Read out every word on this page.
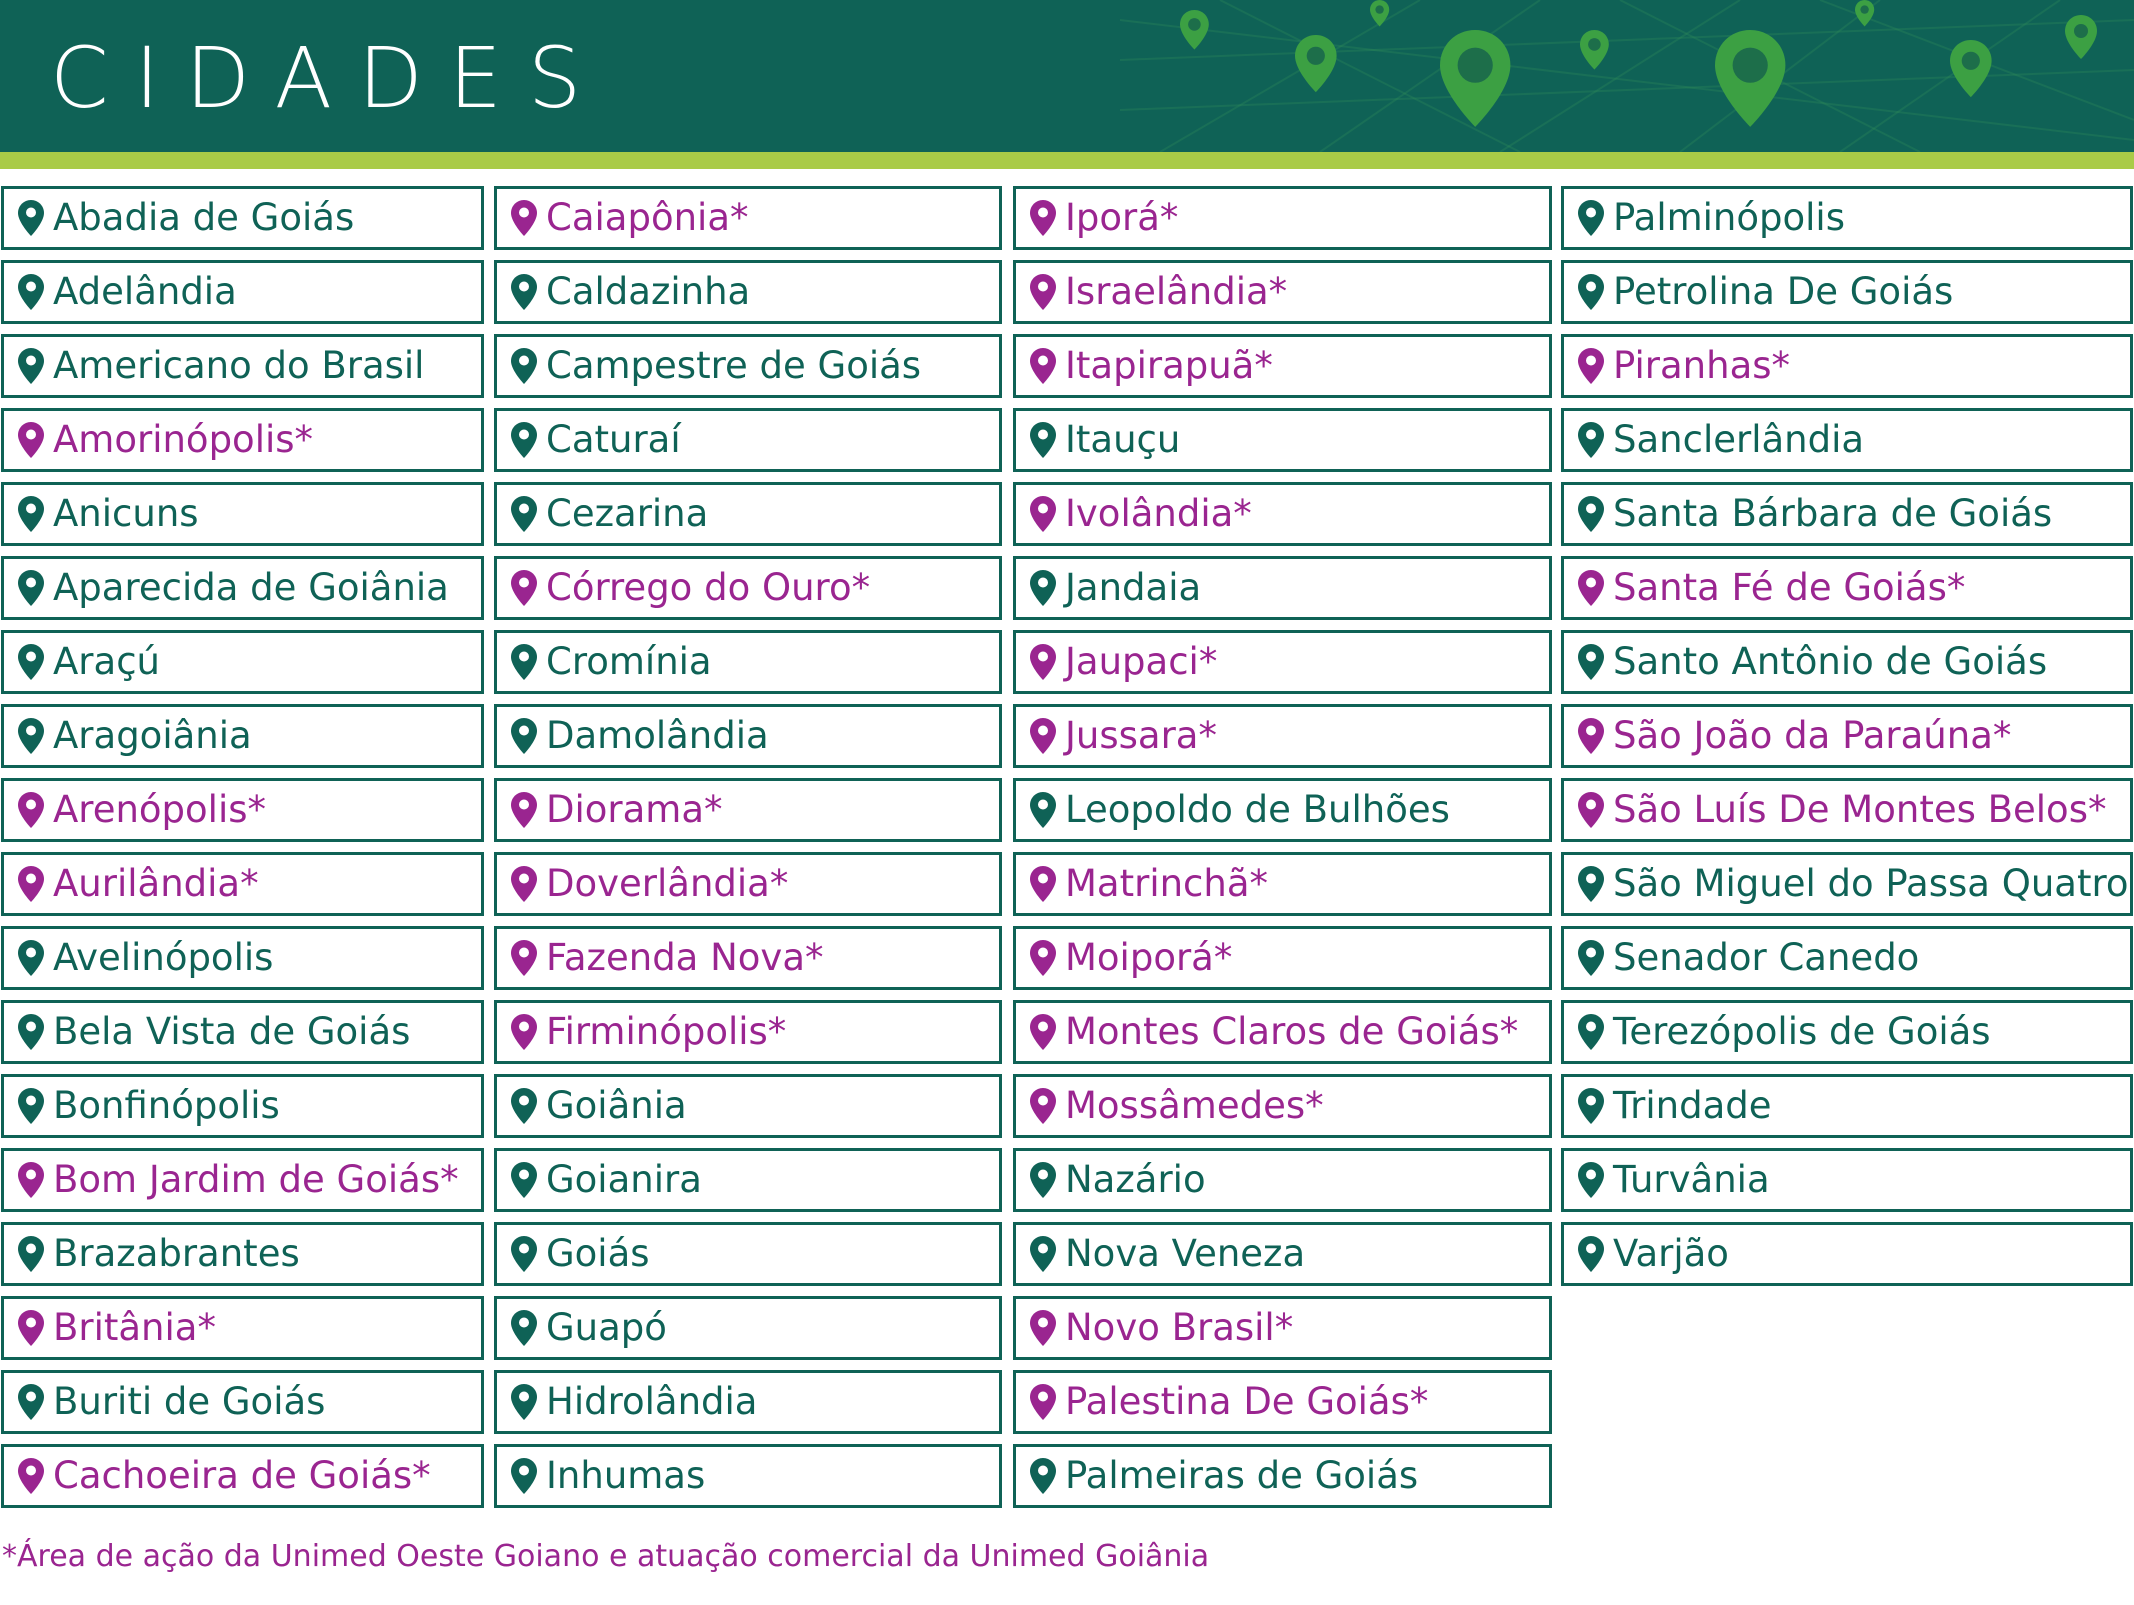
CIDADES
Abadia de Goiás
Adelândia
Americano do Brasil
Amorinópolis*
Anicuns
Aparecida de Goiânia
Araçú
Aragoiânia
Arenópolis*
Aurilândia*
Avelinópolis
Bela Vista de Goiás
Bonfinópolis
Bom Jardim de Goiás*
Brazabrantes
Britânia*
Buriti de Goiás
Cachoeira de Goiás*
Caiapônia*
Caldazinha
Campestre de Goiás
Caturaí
Cezarina
Córrego do Ouro*
Cromínia
Damolândia
Diorama*
Doverlândia*
Fazenda Nova*
Firminópolis*
Goiânia
Goianira
Goiás
Guapó
Hidrolândia
Inhumas
Iporá*
Israelândia*
Itapirapuã*
Itauçu
Ivolândia*
Jandaia
Jaupaci*
Jussara*
Leopoldo de Bulhões
Matrinchã*
Moiporá*
Montes Claros de Goiás*
Mossâmedes*
Nazário
Nova Veneza
Novo Brasil*
Palestina De Goiás*
Palmeiras de Goiás
Palminópolis
Petrolina De Goiás
Piranhas*
Sanclerlândia
Santa Bárbara de Goiás
Santa Fé de Goiás*
Santo Antônio de Goiás
São João da Paraúna*
São Luís De Montes Belos*
São Miguel do Passa Quatro
Senador Canedo
Terezópolis de Goiás
Trindade
Turvânia
Varjão
*Área de ação da Unimed Oeste Goiano e atuação comercial da Unimed Goiânia
